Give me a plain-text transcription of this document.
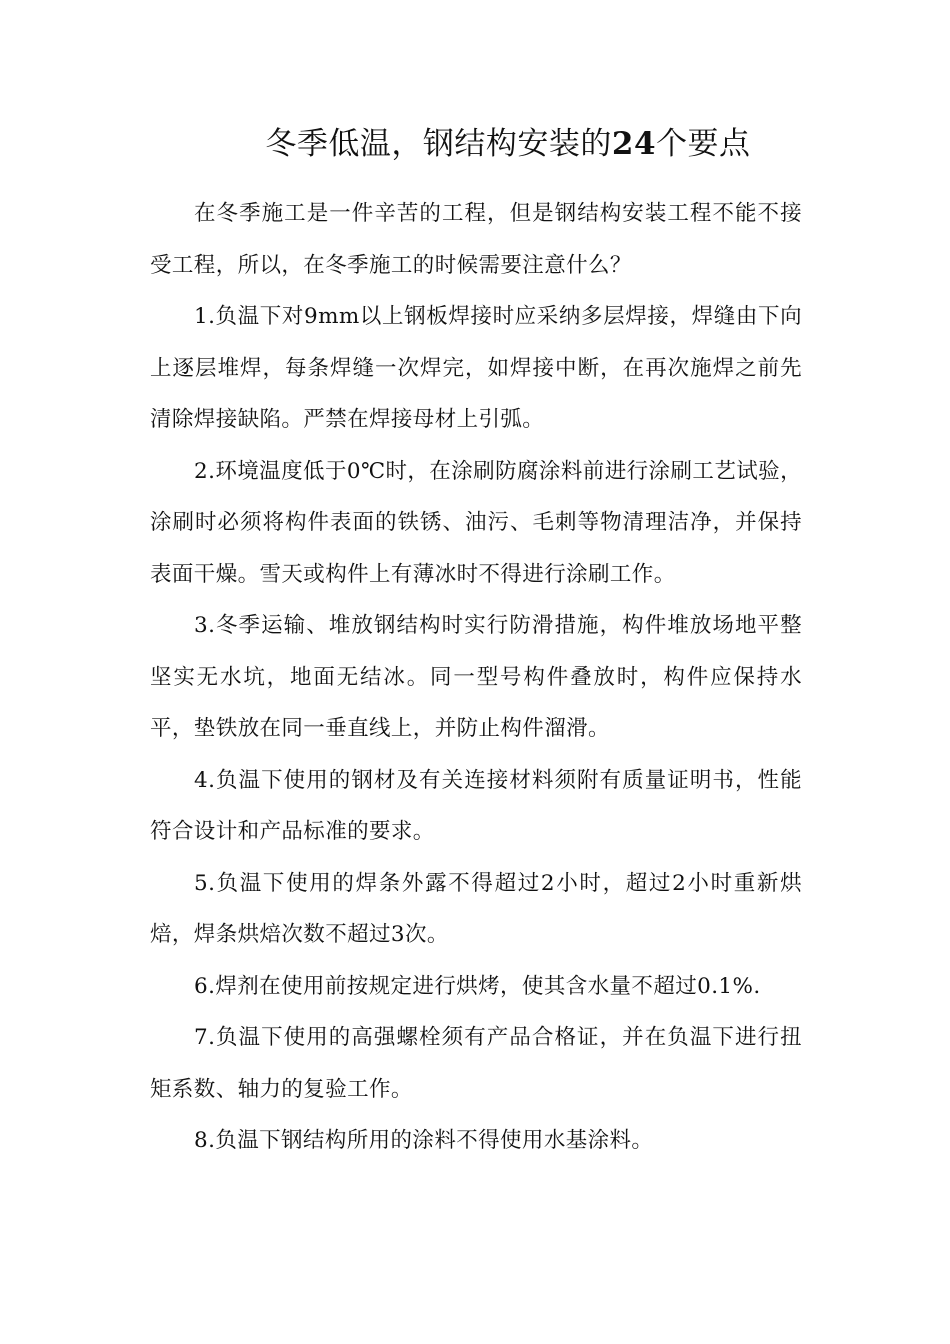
冬季低温，钢结构安装的24个要点

在冬季施工是一件辛苦的工程，但是钢结构安装工程不能不接受工程，所以，在冬季施工的时候需要注意什么？

1.负温下对9mm以上钢板焊接时应采纳多层焊接，焊缝由下向上逐层堆焊，每条焊缝一次焊完，如焊接中断，在再次施焊之前先清除焊接缺陷。严禁在焊接母材上引弧。

2.环境温度低于0℃时，在涂刷防腐涂料前进行涂刷工艺试验，涂刷时必须将构件表面的铁锈、油污、毛刺等物清理洁净，并保持表面干燥。雪天或构件上有薄冰时不得进行涂刷工作。

3.冬季运输、堆放钢结构时实行防滑措施，构件堆放场地平整坚实无水坑，地面无结冰。同一型号构件叠放时，构件应保持水平，垫铁放在同一垂直线上，并防止构件溜滑。

4.负温下使用的钢材及有关连接材料须附有质量证明书，性能符合设计和产品标准的要求。

5.负温下使用的焊条外露不得超过2小时，超过2小时重新烘焙，焊条烘焙次数不超过3次。

6.焊剂在使用前按规定进行烘烤，使其含水量不超过0.1%.

7.负温下使用的高强螺栓须有产品合格证，并在负温下进行扭矩系数、轴力的复验工作。

8.负温下钢结构所用的涂料不得使用水基涂料。
